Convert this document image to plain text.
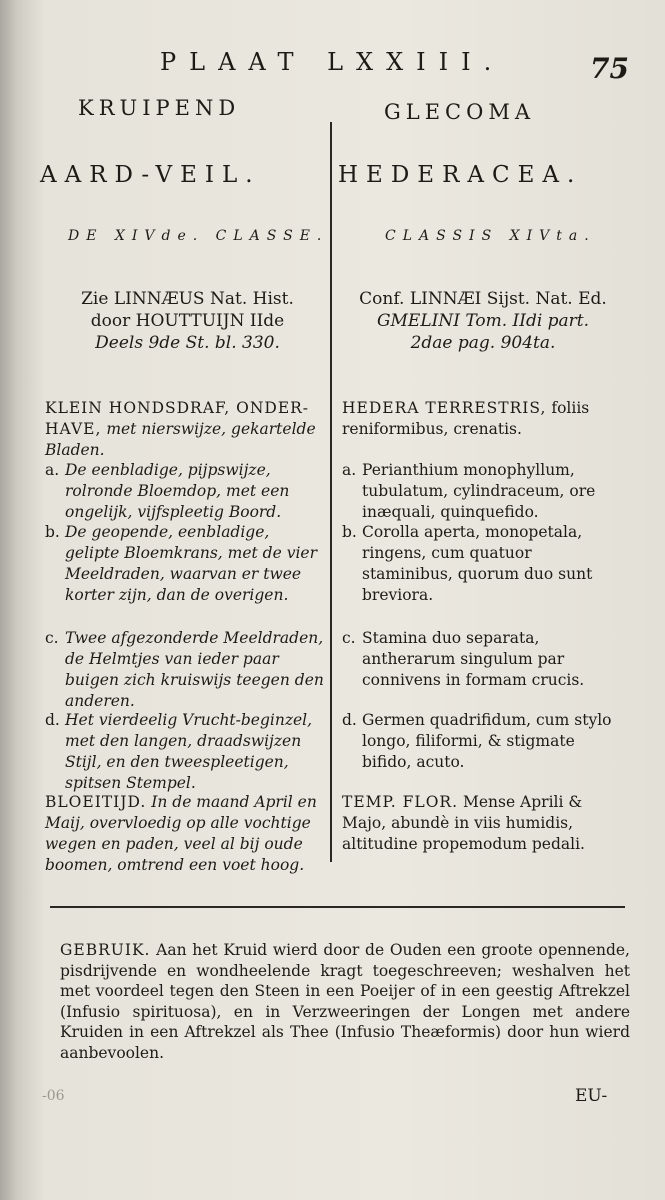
PLAAT LXXIII.	75
KRUIPEND
AARD-VEIL.
DE XIVde. CLASSE.
Zie LINNÆUS Nat. Hist.
door HOUTTUIJN IIde
Deels 9de St. bl. 330.
KLEIN HONDSDRAF, ONDER-HAVE, met nierswijze, gekartelde Bladen.
a. De eenbladige, pijpswijze, rolronde Bloemdop, met een ongelijk, vijfspleetig Boord.
b. De geopende, eenbladige, gelipte Bloemkrans, met de vier Meeldraden, waarvan er twee korter zijn, dan de overigen.
c. Twee afgezonderde Meeldraden, de Helmtjes van ieder paar buigen zich kruiswijs teegen den anderen.
d. Het vierdeelig Vrucht-beginzel, met den langen, draadswijzen Stijl, en den tweespleetigen, spitsen Stempel.
BLOEITIJD. In de maand April en Maij, overvloedig op alle vochtige wegen en paden, veel al bij oude boomen, omtrend een voet hoog.
GLECOMA
HEDERACEA.
CLASSIS XIVta.
Conf. LINNÆI Sijst. Nat. Ed.
GMELINI Tom. IIdi part.
2dae pag. 904ta.
HEDERA TERRESTRIS, foliis reniformibus, crenatis.
a. Perianthium monophyllum, tubulatum, cylindraceum, ore inæquali, quinquefido.
b. Corolla aperta, monopetala, ringens, cum quatuor staminibus, quorum duo sunt breviora.
c. Stamina duo separata, antherarum singulum par connivens in formam crucis.
d. Germen quadrifidum, cum stylo longo, filiformi, & stigmate bifido, acuto.
TEMP. FLOR. Mense Aprili & Majo, abundè in viis humidis, altitudine propemodum pedali.
GEBRUIK. Aan het Kruid wierd door de Ouden een groote opennende, pisdrijvende en wondheelende kragt toegeschreeven; weshalven het met voordeel tegen den Steen in een Poeijer of in een geestig Aftrekzel (Infusio spirituosa), en in Verzweeringen der Longen met andere Kruiden in een Aftrekzel als Thee (Infusio Theæformis) door hun wierd aanbevoolen.
-06	EU-
